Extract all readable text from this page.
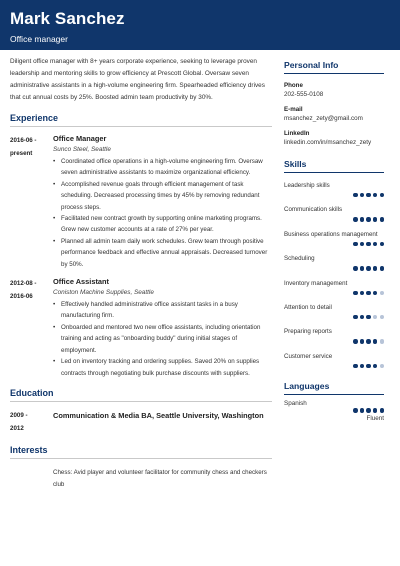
Mark Sanchez
Office manager

Diligent office manager with 8+ years corporate experience, seeking to leverage proven leadership and mentoring skills to grow efficiency at Prescott Global. Oversaw seven administrative assistants in a high-volume engineering firm. Spearheaded efficiency drives that cut annual costs by 25%. Boosted admin team productivity by 30%.

Experience
2016-06 -
present
Office Manager
Sunco Steel, Seattle
• Coordinated office operations in a high-volume engineering firm. Oversaw seven administrative assistants to maximize organizational efficiency.
• Accomplished revenue goals through efficient management of task scheduling. Decreased processing times by 45% by removing redundant process steps.
• Facilitated new contract growth by supporting online marketing programs. Grew new customer accounts at a rate of 27% per year.
• Planned all admin team daily work schedules. Grew team through positive performance feedback and effective annual appraisals. Decreased turnover by 50%.
2012-08 -
2016-06
Office Assistant
Coniston Machine Supplies, Seattle
• Effectively handled administrative office assistant tasks in a busy manufacturing firm.
• Onboarded and mentored two new office assistants, including orientation training and acting as "onboarding buddy" during initial stages of employment.
• Led on inventory tracking and ordering supplies. Saved 20% on supplies contracts through negotiating bulk purchase discounts with suppliers.
Education
2009 -
2012
Communication & Media BA, Seattle University, Washington
Interests
Chess: Avid player and volunteer facilitator for community chess and checkers club
Personal Info
Phone
202-555-0108
E-mail
msanchez_zety@gmail.com
LinkedIn
linkedin.com/in/msanchez_zety
Skills
Leadership skills
Communication skills
Business operations management
Scheduling
Inventory management
Attention to detail
Preparing reports
Customer service
Languages
Spanish
Fluent
